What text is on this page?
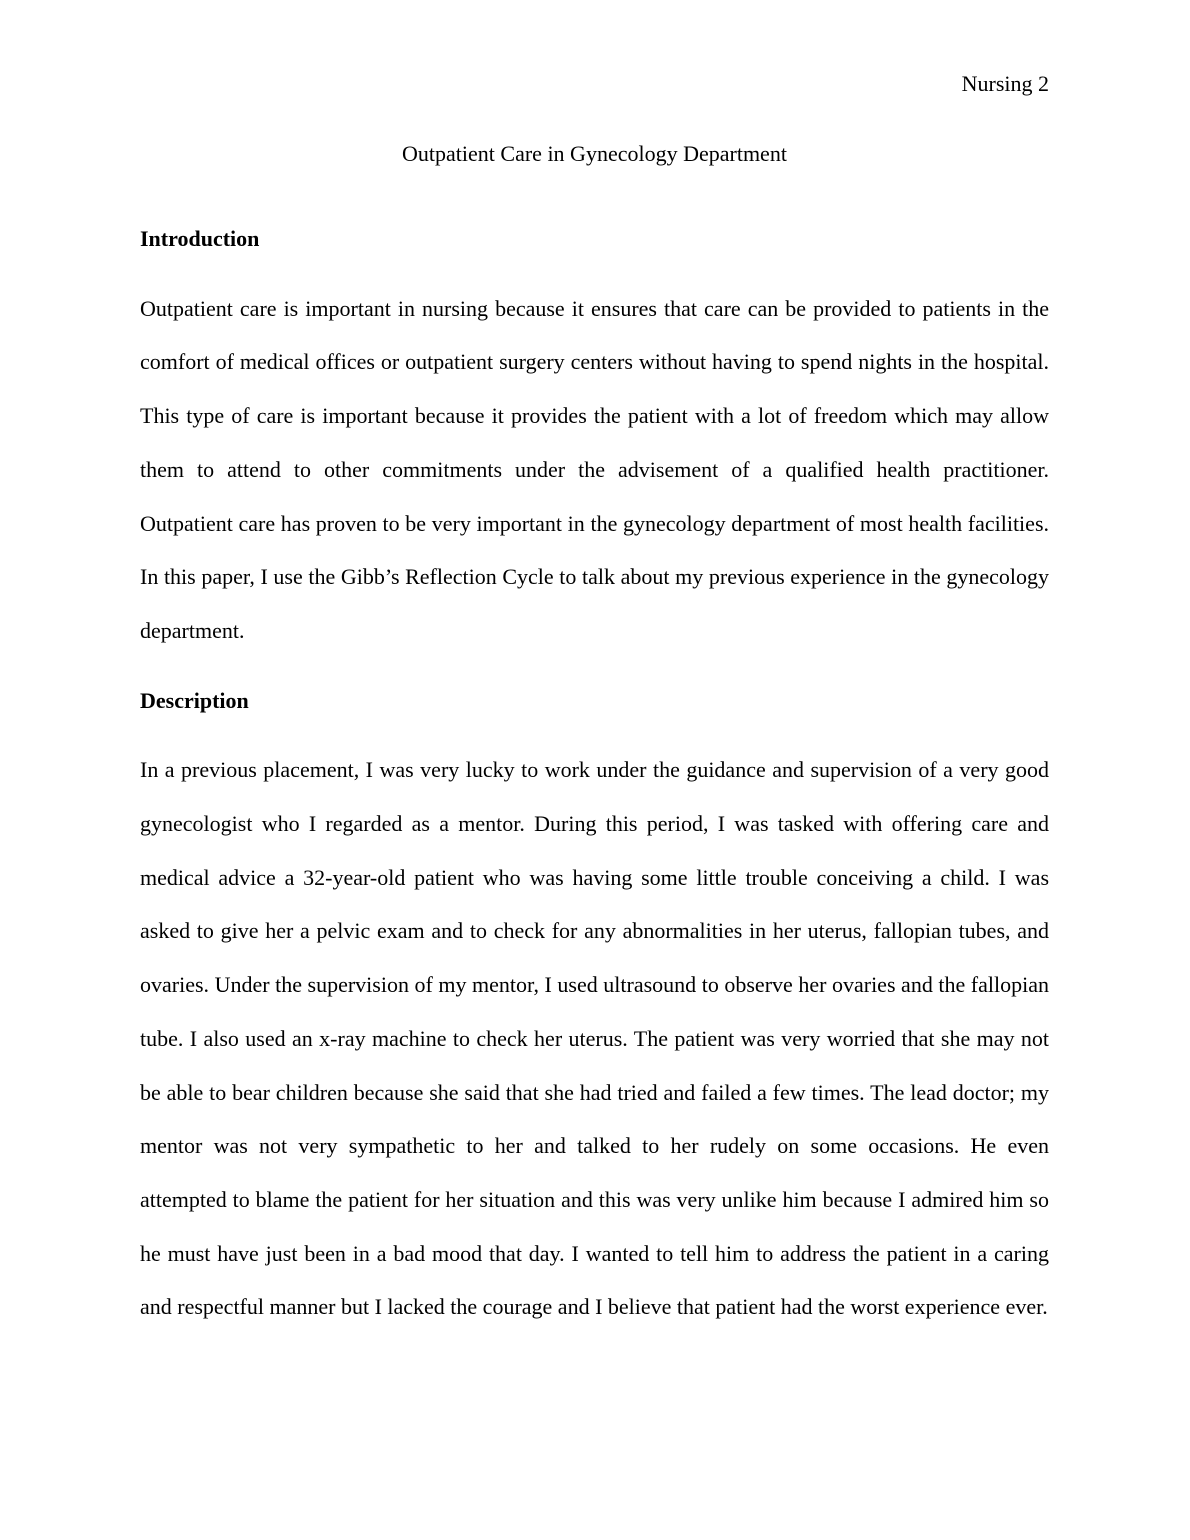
Nursing 2
Outpatient Care in Gynecology Department
Introduction

Outpatient care is important in nursing because it ensures that care can be provided to patients in the comfort of medical offices or outpatient surgery centers without having to spend nights in the hospital. This type of care is important because it provides the patient with a lot of freedom which may allow them to attend to other commitments under the advisement of a qualified health practitioner. Outpatient care has proven to be very important in the gynecology department of most health facilities. In this paper, I use the Gibb’s Reflection Cycle to talk about my previous experience in the gynecology department.

Description

In a previous placement, I was very lucky to work under the guidance and supervision of a very good gynecologist who I regarded as a mentor. During this period, I was tasked with offering care and medical advice a 32-year-old patient who was having some little trouble conceiving a child. I was asked to give her a pelvic exam and to check for any abnormalities in her uterus, fallopian tubes, and ovaries. Under the supervision of my mentor, I used ultrasound to observe her ovaries and the fallopian tube. I also used an x-ray machine to check her uterus. The patient was very worried that she may not be able to bear children because she said that she had tried and failed a few times. The lead doctor; my mentor was not very sympathetic to her and talked to her rudely on some occasions. He even attempted to blame the patient for her situation and this was very unlike him because I admired him so he must have just been in a bad mood that day. I wanted to tell him to address the patient in a caring and respectful manner but I lacked the courage and I believe that patient had the worst experience ever.
